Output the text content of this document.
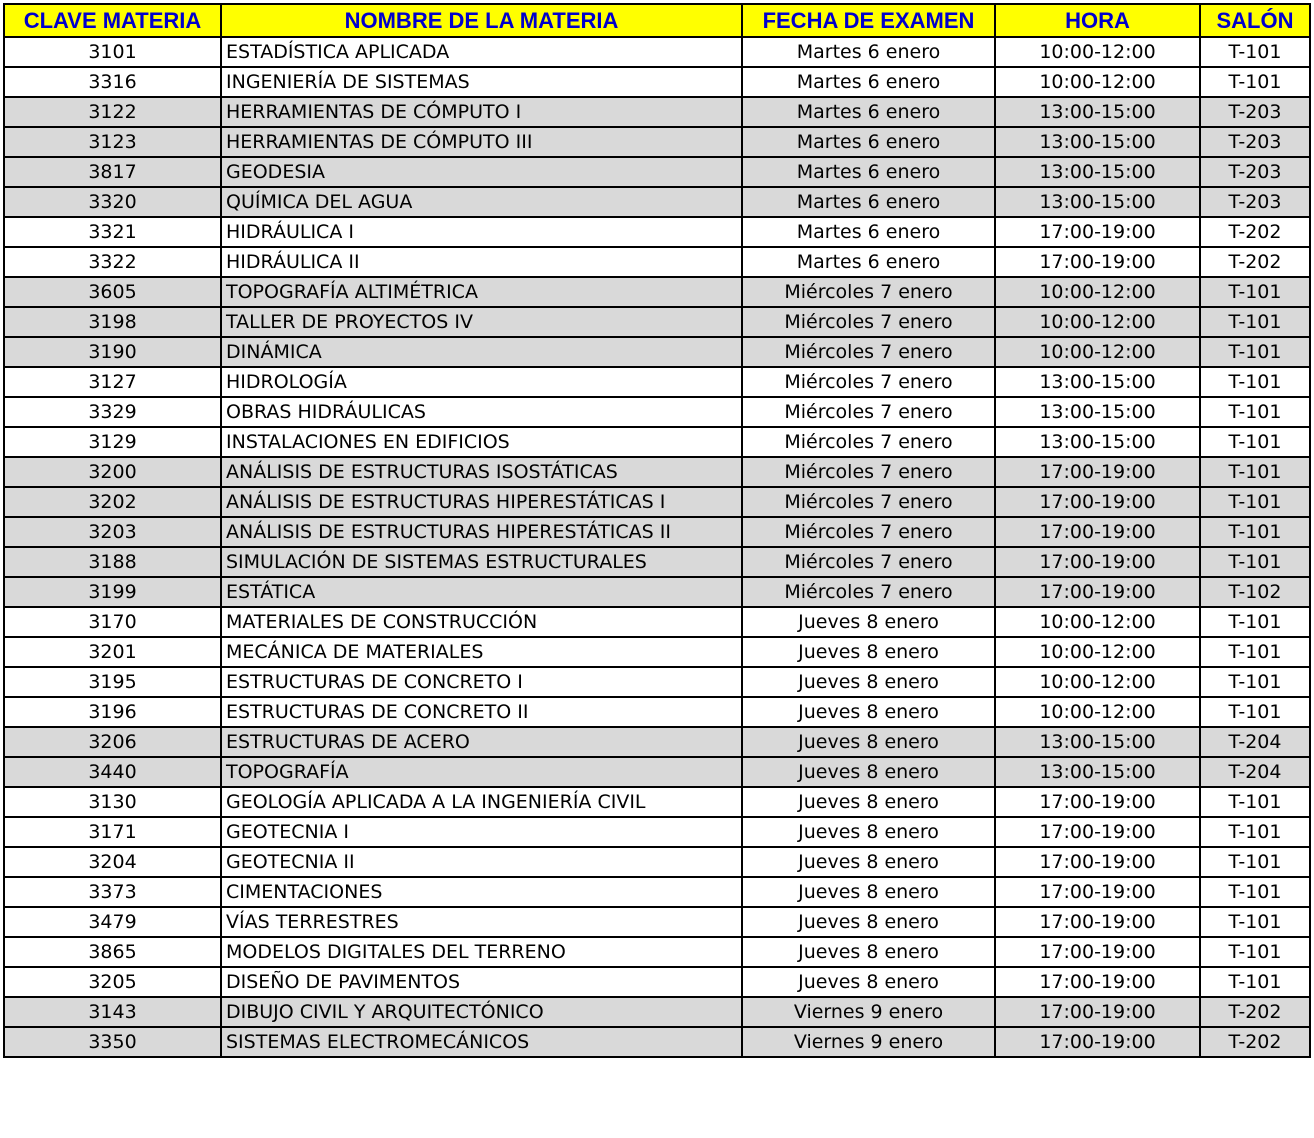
CLAVE MATERIA	NOMBRE DE LA MATERIA	FECHA DE EXAMEN	HORA	SALÓN
3101	ESTADÍSTICA APLICADA	Martes 6 enero	10:00-12:00	T-101
3316	INGENIERÍA DE SISTEMAS	Martes 6 enero	10:00-12:00	T-101
3122	HERRAMIENTAS DE CÓMPUTO I	Martes 6 enero	13:00-15:00	T-203
3123	HERRAMIENTAS DE CÓMPUTO III	Martes 6 enero	13:00-15:00	T-203
3817	GEODESIA	Martes 6 enero	13:00-15:00	T-203
3320	QUÍMICA DEL AGUA	Martes 6 enero	13:00-15:00	T-203
3321	HIDRÁULICA I	Martes 6 enero	17:00-19:00	T-202
3322	HIDRÁULICA II	Martes 6 enero	17:00-19:00	T-202
3605	TOPOGRAFÍA ALTIMÉTRICA	Miércoles 7 enero	10:00-12:00	T-101
3198	TALLER DE PROYECTOS IV	Miércoles 7 enero	10:00-12:00	T-101
3190	DINÁMICA	Miércoles 7 enero	10:00-12:00	T-101
3127	HIDROLOGÍA	Miércoles 7 enero	13:00-15:00	T-101
3329	OBRAS HIDRÁULICAS	Miércoles 7 enero	13:00-15:00	T-101
3129	INSTALACIONES EN EDIFICIOS	Miércoles 7 enero	13:00-15:00	T-101
3200	ANÁLISIS DE ESTRUCTURAS ISOSTÁTICAS	Miércoles 7 enero	17:00-19:00	T-101
3202	ANÁLISIS DE ESTRUCTURAS HIPERESTÁTICAS I	Miércoles 7 enero	17:00-19:00	T-101
3203	ANÁLISIS DE ESTRUCTURAS HIPERESTÁTICAS II	Miércoles 7 enero	17:00-19:00	T-101
3188	SIMULACIÓN DE SISTEMAS ESTRUCTURALES	Miércoles 7 enero	17:00-19:00	T-101
3199	ESTÁTICA	Miércoles 7 enero	17:00-19:00	T-102
3170	MATERIALES DE CONSTRUCCIÓN	Jueves 8 enero	10:00-12:00	T-101
3201	MECÁNICA DE MATERIALES	Jueves 8 enero	10:00-12:00	T-101
3195	ESTRUCTURAS DE CONCRETO I	Jueves 8 enero	10:00-12:00	T-101
3196	ESTRUCTURAS DE CONCRETO II	Jueves 8 enero	10:00-12:00	T-101
3206	ESTRUCTURAS DE ACERO	Jueves 8 enero	13:00-15:00	T-204
3440	TOPOGRAFÍA	Jueves 8 enero	13:00-15:00	T-204
3130	GEOLOGÍA APLICADA A LA INGENIERÍA CIVIL	Jueves 8 enero	17:00-19:00	T-101
3171	GEOTECNIA I	Jueves 8 enero	17:00-19:00	T-101
3204	GEOTECNIA II	Jueves 8 enero	17:00-19:00	T-101
3373	CIMENTACIONES	Jueves 8 enero	17:00-19:00	T-101
3479	VÍAS TERRESTRES	Jueves 8 enero	17:00-19:00	T-101
3865	MODELOS DIGITALES DEL TERRENO	Jueves 8 enero	17:00-19:00	T-101
3205	DISEÑO DE PAVIMENTOS	Jueves 8 enero	17:00-19:00	T-101
3143	DIBUJO CIVIL Y ARQUITECTÓNICO	Viernes 9 enero	17:00-19:00	T-202
3350	SISTEMAS ELECTROMECÁNICOS	Viernes 9 enero	17:00-19:00	T-202
